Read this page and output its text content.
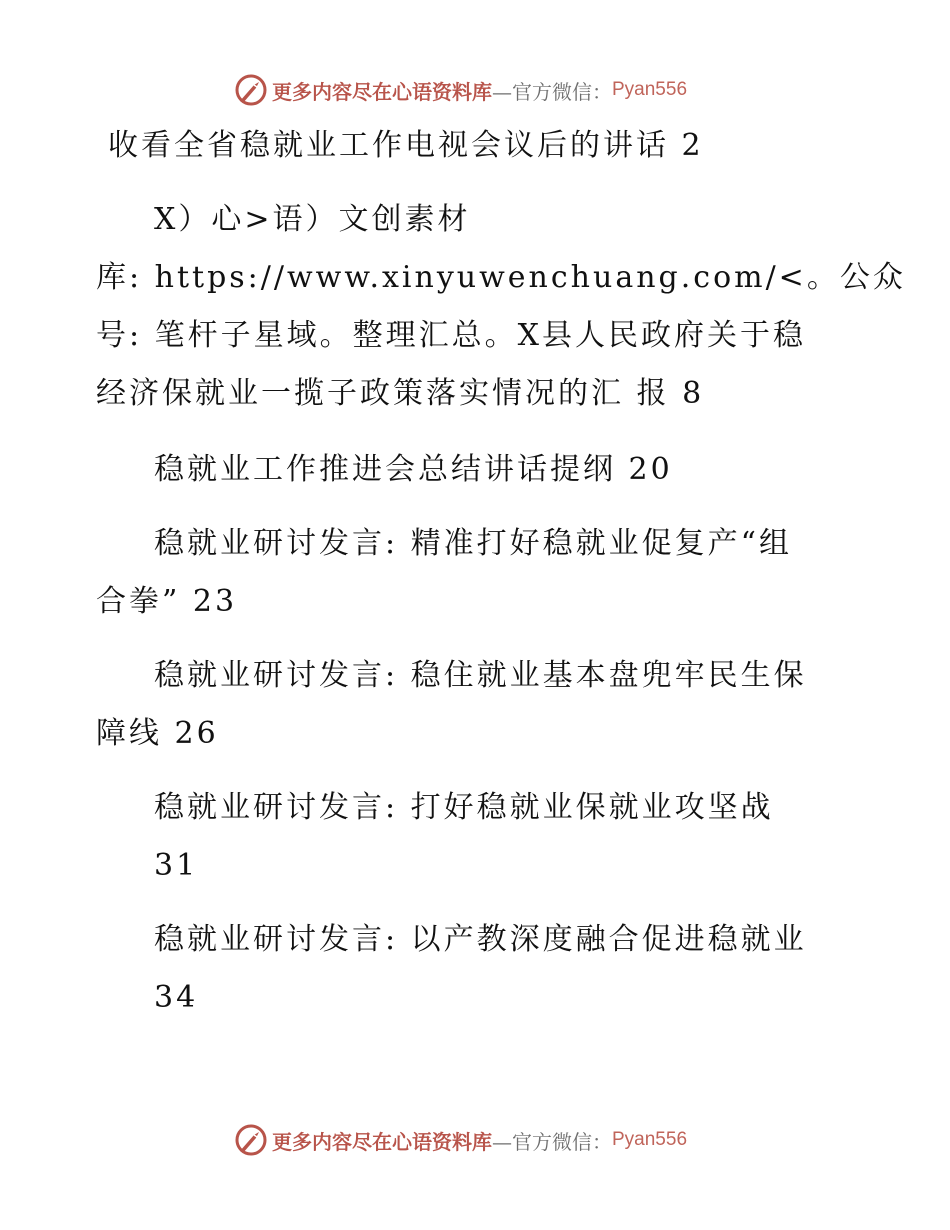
更多内容尽在心语资料库 —官方微信： Pyan556
收看全省稳就业工作电视会议后的讲话 2
X）心>语）文创素材
库: https://www.xinyuwenchuang.com/<。公众
号: 笔杆子星域。整理汇总。X县人民政府关于稳
经济保就业一揽子政策落实情况的汇 报 8
稳就业工作推进会总结讲话提纲 20
稳就业研讨发言: 精准打好稳就业促复产“组
合拳” 23
稳就业研讨发言: 稳住就业基本盘兜牢民生保
障线 26
稳就业研讨发言: 打好稳就业保就业攻坚战
31
稳就业研讨发言: 以产教深度融合促进稳就业
34
更多内容尽在心语资料库 —官方微信： Pyan556
